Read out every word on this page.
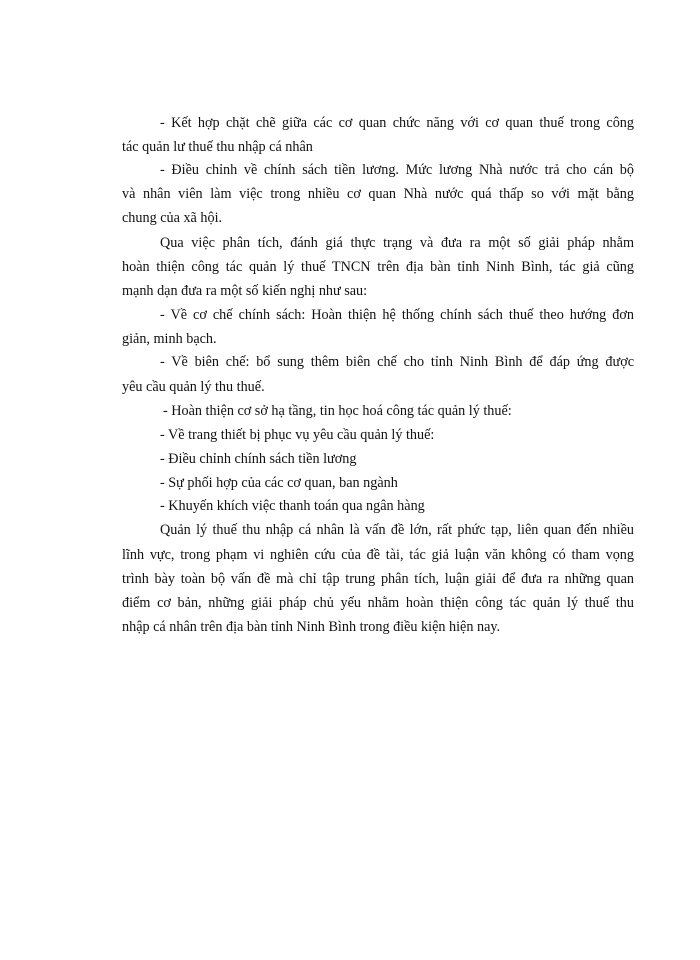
- Kết hợp chặt chẽ giữa các cơ quan chức năng với cơ quan thuế trong công
tác quản lư thuế thu nhập cá nhân
- Điều chỉnh về chính sách tiền lương. Mức lương Nhà nước trả cho cán bộ
và nhân viên làm việc trong nhiều cơ quan Nhà nước quá thấp so với mặt bằng
chung của xã hội.
Qua việc phân tích, đánh giá thực trạng và đưa ra một số giải pháp nhằm
hoàn thiện công tác quản lý thuế TNCN trên địa bàn tỉnh Ninh Bình, tác giả cũng
mạnh dạn đưa ra một số kiến nghị như sau:
- Về cơ chế chính sách: Hoàn thiện hệ thống chính sách thuế theo hướng đơn
giản, minh bạch.
- Về biên chế: bổ sung thêm biên chế cho tỉnh Ninh Bình để đáp ứng được
yêu cầu quản lý thu thuế.
- Hoàn thiện cơ sở hạ tầng, tin học hoá công tác quản lý thuế:
- Về trang thiết bị phục vụ yêu cầu quản lý thuế:
- Điều chỉnh chính sách tiền lương
- Sự phối hợp của các cơ quan, ban ngành
- Khuyến khích việc thanh toán qua ngân hàng
Quản lý thuế thu nhập cá nhân là vấn đề lớn, rất phức tạp, liên quan đến nhiều
lĩnh vực, trong phạm vi nghiên cứu của đề tài, tác giả luận văn không có tham vọng
trình bày toàn bộ vấn đề mà chỉ tập trung phân tích, luận giải để đưa ra những quan
điểm cơ bản, những giải pháp chủ yếu nhằm hoàn thiện công tác quản lý thuế thu
nhập cá nhân trên địa bàn tỉnh Ninh Bình trong điều kiện hiện nay.
